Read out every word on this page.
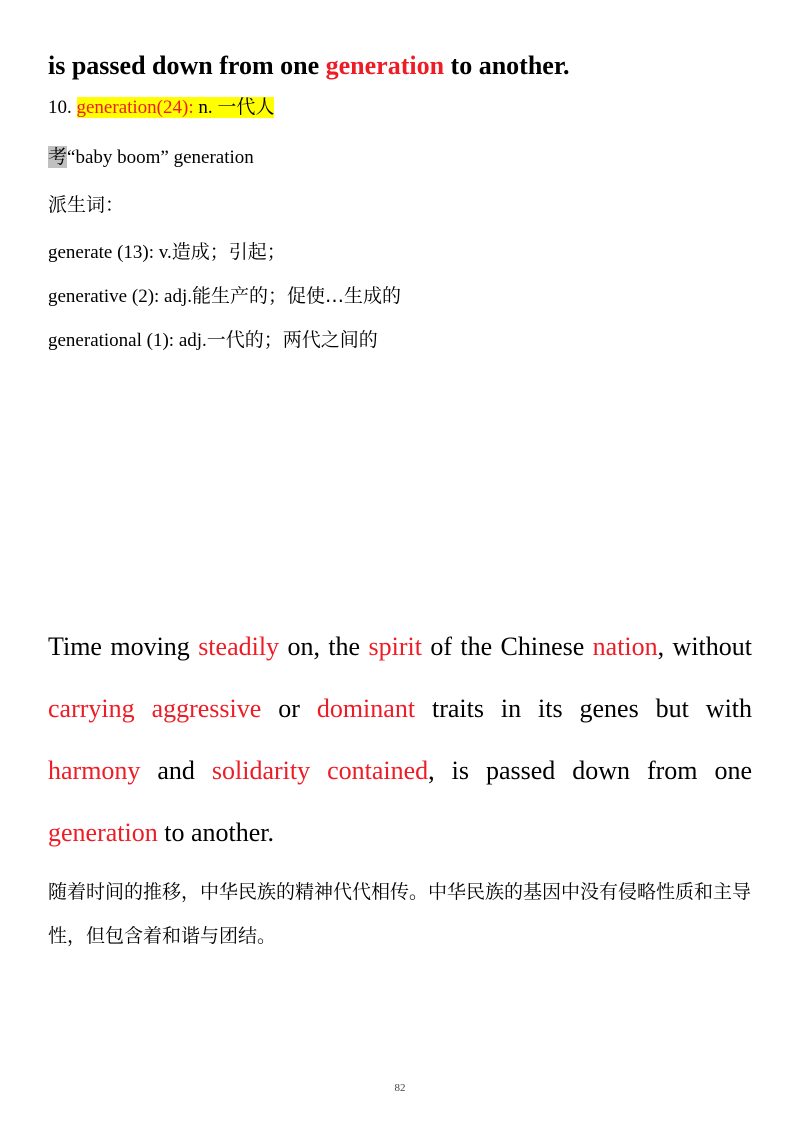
is passed down from one generation to another.
10. generation(24): n. 一代人
考“baby boom” generation
派生词：
generate (13): v.造成；引起；
generative (2): adj.能生产的；促使…生成的
generational (1): adj.一代的；两代之间的
Time moving steadily on, the spirit of the Chinese nation, without carrying aggressive or dominant traits in its genes but with harmony and solidarity contained, is passed down from one generation to another.
随着时间的推移，中华民族的精神代代相传。中华民族的基因中没有侵略性质和主导性，但包含着和谐与团结。
82
